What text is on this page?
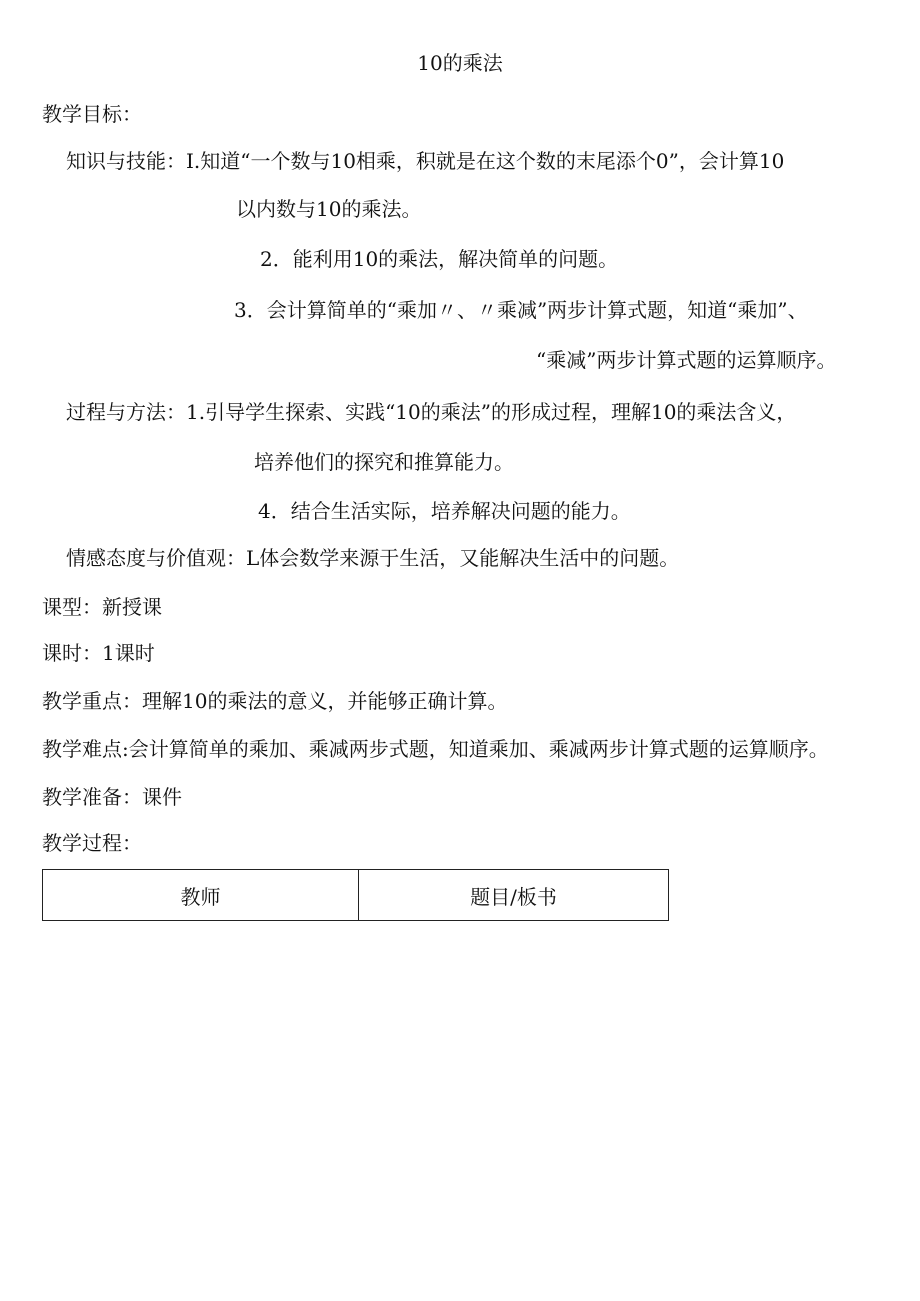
10的乘法
教学目标：
知识与技能：I.知道“一个数与10相乘，积就是在这个数的末尾添个0”，会计算10
以内数与10的乘法。
2．能利用10的乘法，解决简单的问题。
3．会计算简单的“乘加〃、〃乘减”两步计算式题，知道“乘加”、
“乘减”两步计算式题的运算顺序。
过程与方法：1.引导学生探索、实践“10的乘法”的形成过程，理解10的乘法含义，
培养他们的探究和推算能力。
4．结合生活实际，培养解决问题的能力。
情感态度与价值观：L体会数学来源于生活，又能解决生活中的问题。
课型：新授课
课时：1课时
教学重点：理解10的乘法的意义，并能够正确计算。
教学难点:会计算简单的乘加、乘减两步式题，知道乘加、乘减两步计算式题的运算顺序。
教学准备：课件
教学过程：
教师	题目/板书
